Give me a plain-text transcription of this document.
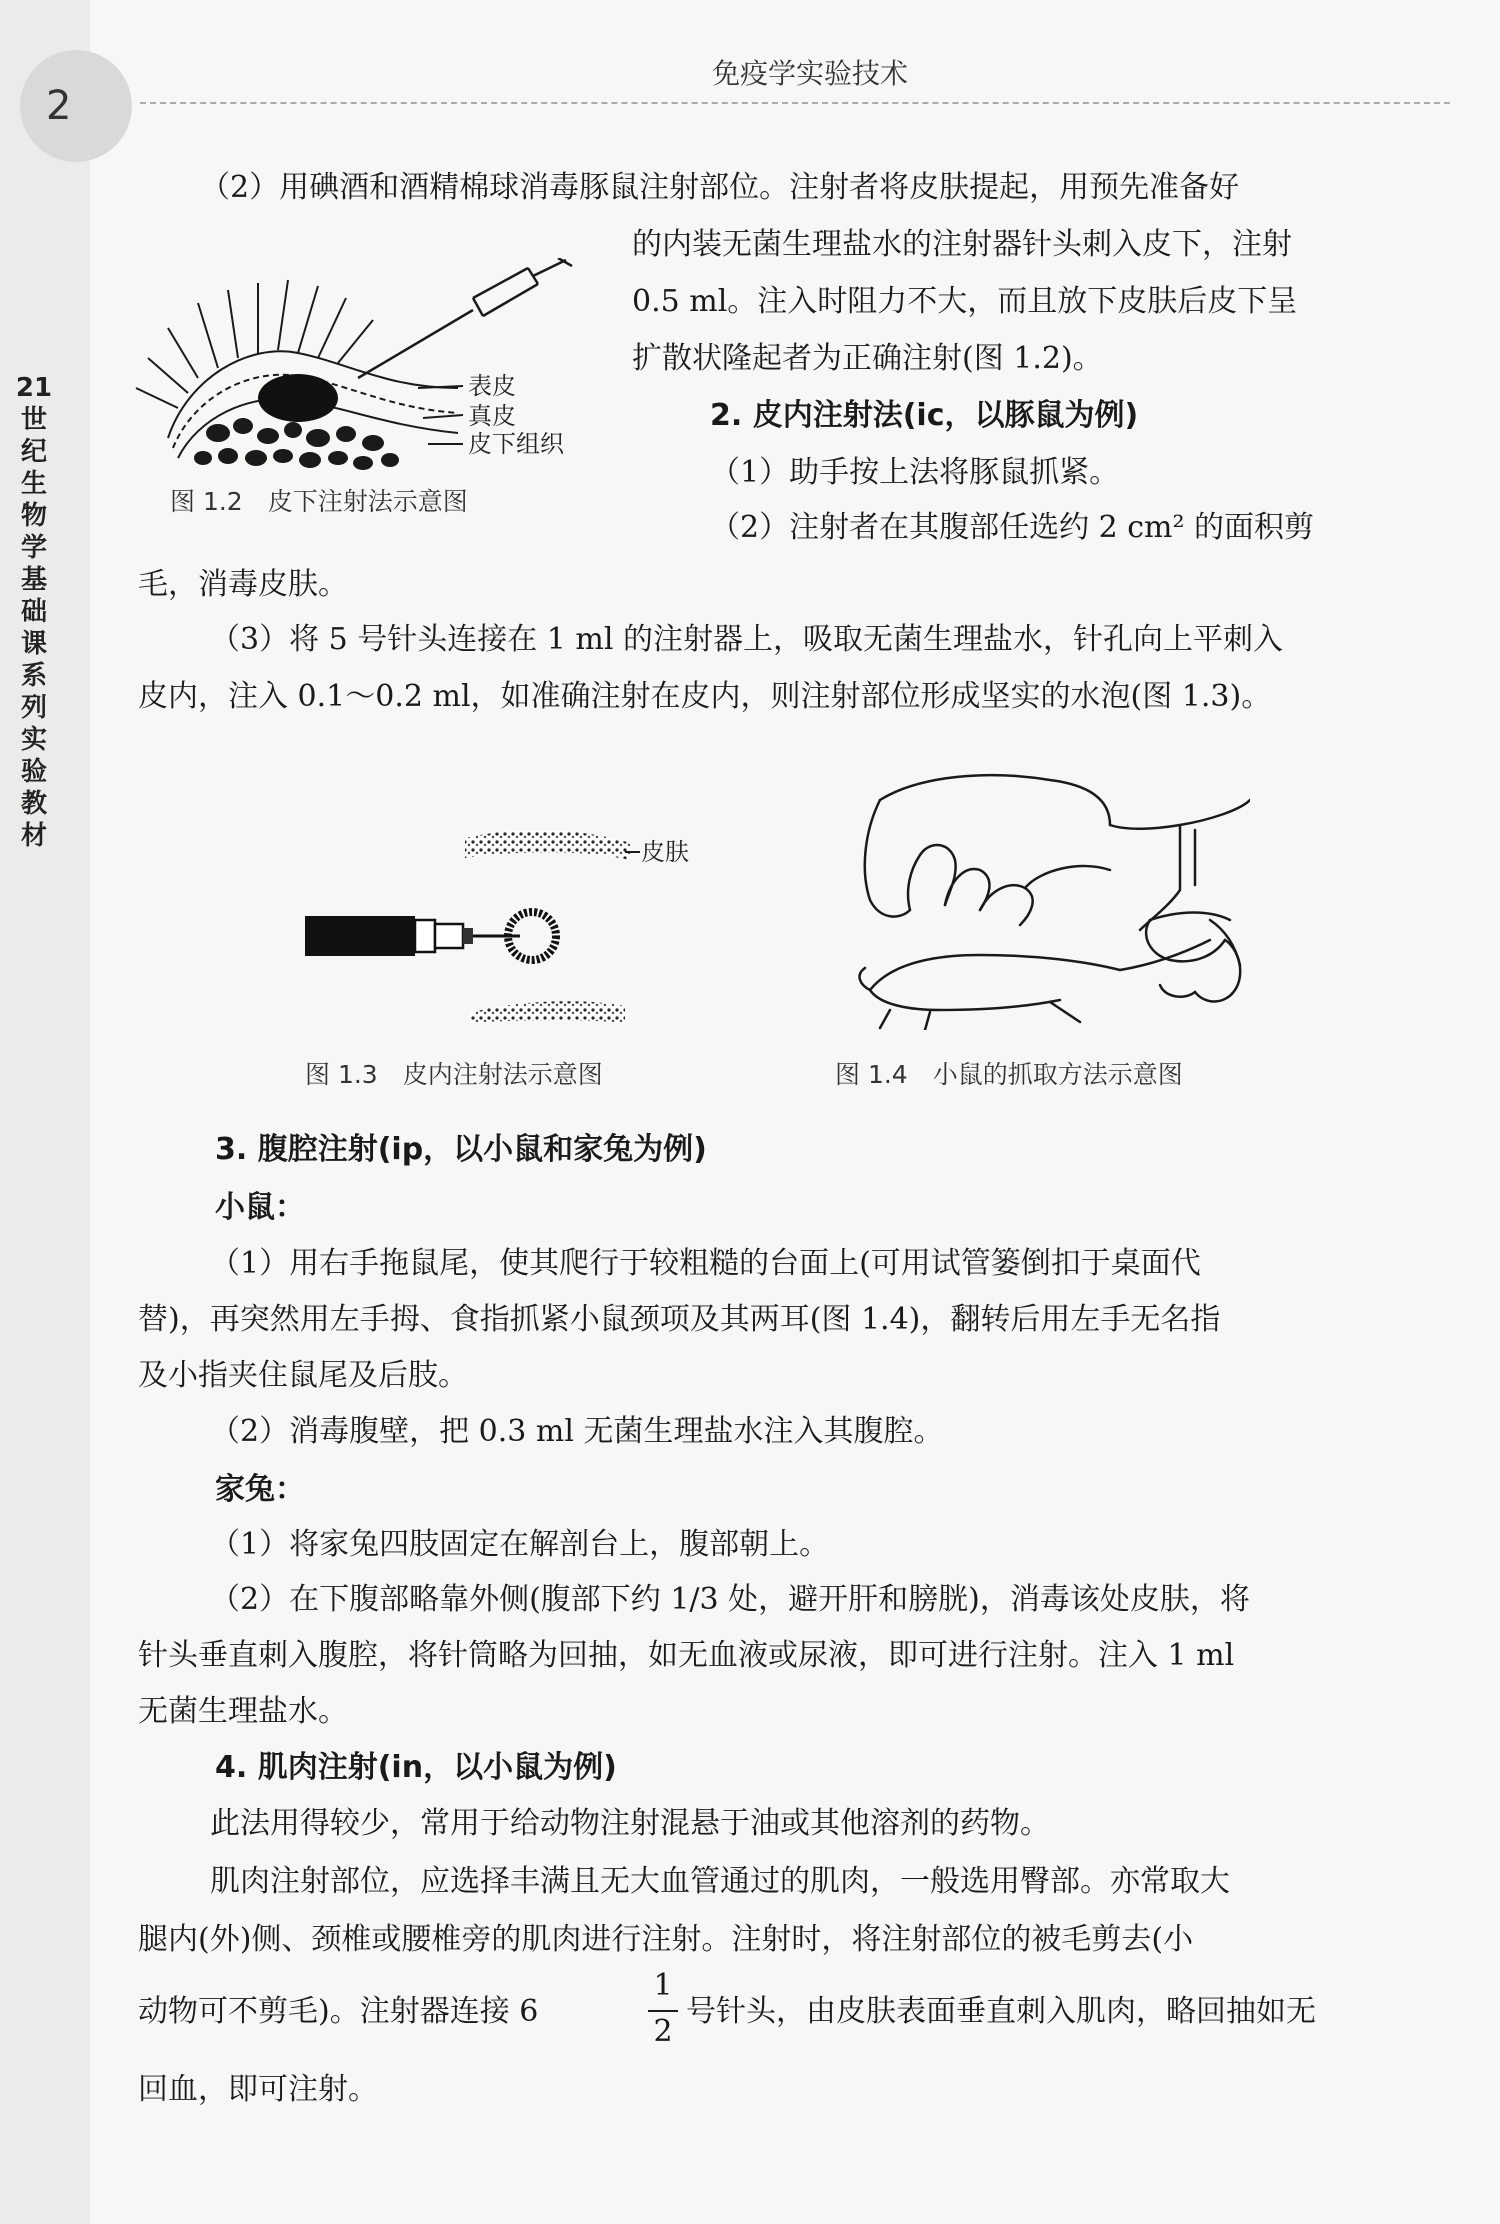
2
免疫学实验技术
21世纪生物学基础课系列实验教材
（2）用碘酒和酒精棉球消毒豚鼠注射部位。注射者将皮肤提起，用预先准备好
的内装无菌生理盐水的注射器针头刺入皮下，注射
0.5 ml。注入时阻力不大，而且放下皮肤后皮下呈
扩散状隆起者为正确注射(图 1.2)。
表皮
真皮
皮下组织
图 1.2　皮下注射法示意图
2. 皮内注射法(ic，以豚鼠为例)
（1）助手按上法将豚鼠抓紧。
（2）注射者在其腹部任选约 2 cm² 的面积剪
毛，消毒皮肤。
（3）将 5 号针头连接在 1 ml 的注射器上，吸取无菌生理盐水，针孔向上平刺入
皮内，注入 0.1～0.2 ml，如准确注射在皮内，则注射部位形成坚实的水泡(图 1.3)。
皮肤
图 1.3　皮内注射法示意图	图 1.4　小鼠的抓取方法示意图
3. 腹腔注射(ip，以小鼠和家兔为例)
小鼠：
（1）用右手拖鼠尾，使其爬行于较粗糙的台面上(可用试管篓倒扣于桌面代
替)，再突然用左手拇、食指抓紧小鼠颈项及其两耳(图 1.4)，翻转后用左手无名指
及小指夹住鼠尾及后肢。
（2）消毒腹壁，把 0.3 ml 无菌生理盐水注入其腹腔。
家兔：
（1）将家兔四肢固定在解剖台上，腹部朝上。
（2）在下腹部略靠外侧(腹部下约 1/3 处，避开肝和膀胱)，消毒该处皮肤，将
针头垂直刺入腹腔，将针筒略为回抽，如无血液或尿液，即可进行注射。注入 1 ml
无菌生理盐水。
4. 肌肉注射(in，以小鼠为例)
此法用得较少，常用于给动物注射混悬于油或其他溶剂的药物。
肌肉注射部位，应选择丰满且无大血管通过的肌肉，一般选用臀部。亦常取大
腿内(外)侧、颈椎或腰椎旁的肌肉进行注射。注射时，将注射部位的被毛剪去(小
动物可不剪毛)。注射器连接 6
1
2
号针头，由皮肤表面垂直刺入肌肉，略回抽如无
回血，即可注射。
